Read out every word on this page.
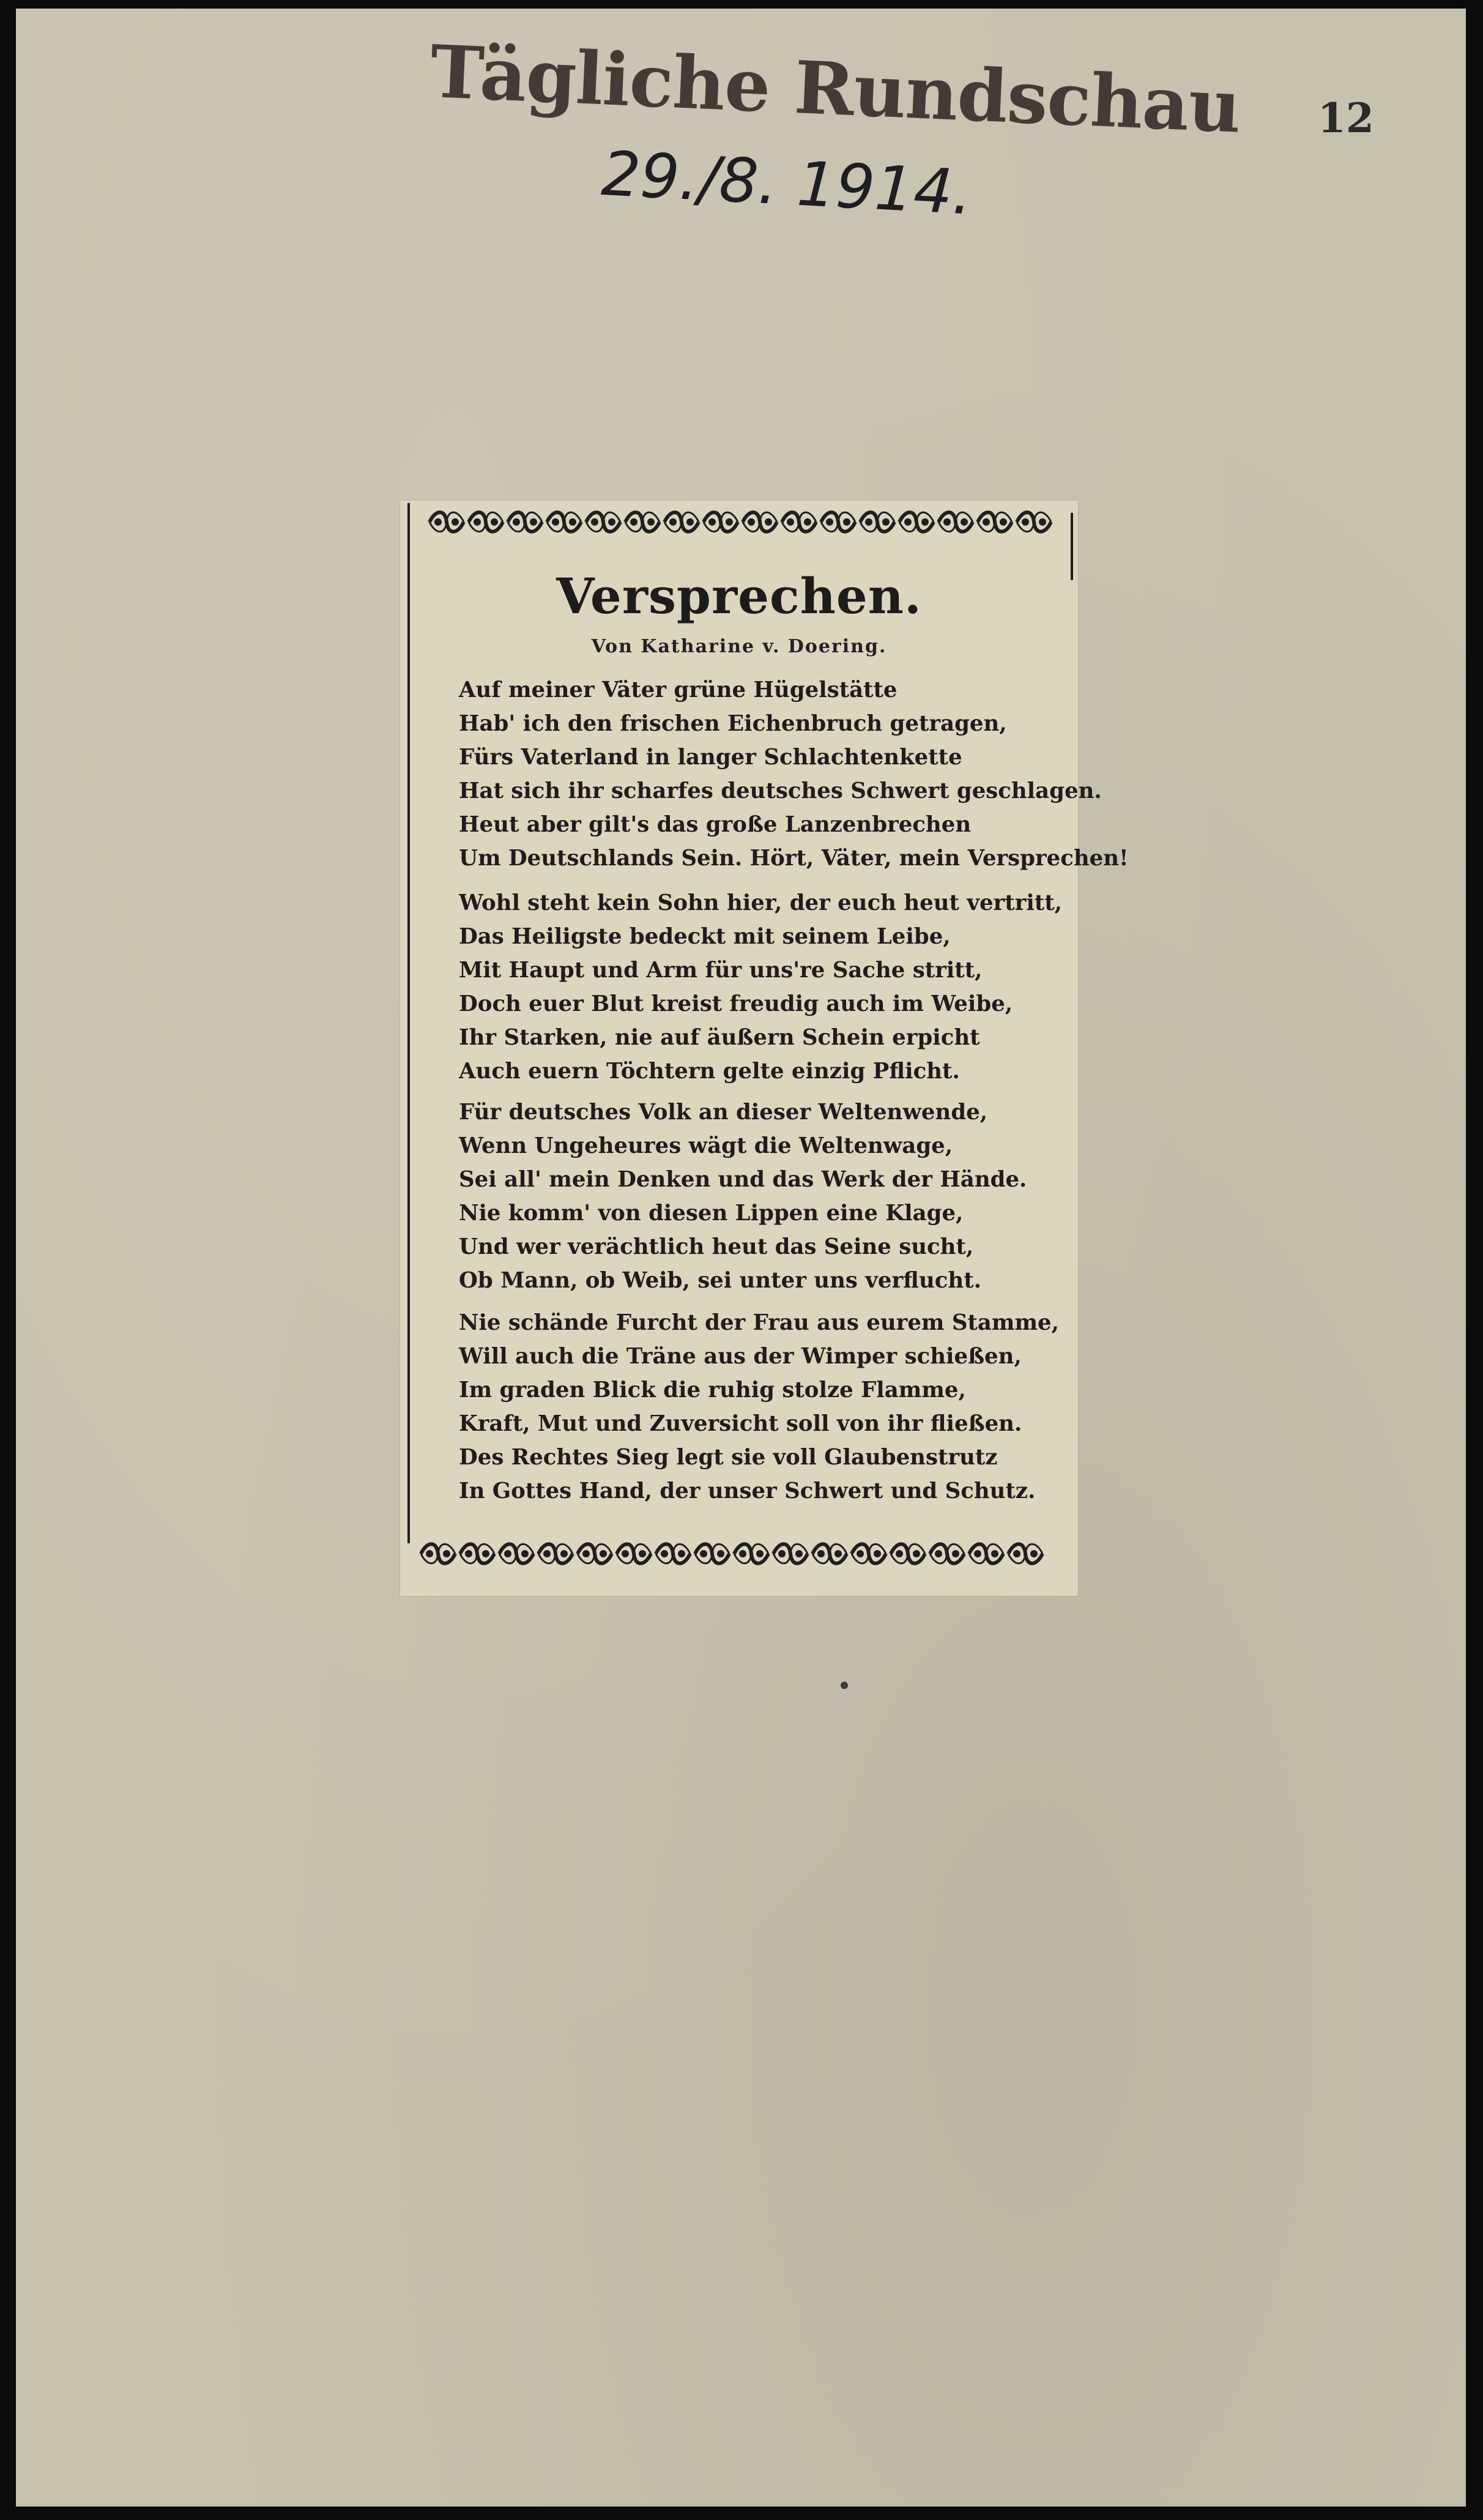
Tägliche Rundschau
29./8. 1914.
12
Versprechen.
Von Katharine v. Doering.
Auf meiner Väter grüne Hügelstätte
Hab' ich den frischen Eichenbruch getragen,
Fürs Vaterland in langer Schlachtenkette
Hat sich ihr scharfes deutsches Schwert geschlagen.
Heut aber gilt's das große Lanzenbrechen
Um Deutschlands Sein. Hört, Väter, mein Versprechen!
Wohl steht kein Sohn hier, der euch heut vertritt,
Das Heiligste bedeckt mit seinem Leibe,
Mit Haupt und Arm für uns're Sache stritt,
Doch euer Blut kreist freudig auch im Weibe,
Ihr Starken, nie auf äußern Schein erpicht
Auch euern Töchtern gelte einzig Pflicht.
Für deutsches Volk an dieser Weltenwende,
Wenn Ungeheures wägt die Weltenwage,
Sei all' mein Denken und das Werk der Hände.
Nie komm' von diesen Lippen eine Klage,
Und wer verächtlich heut das Seine sucht,
Ob Mann, ob Weib, sei unter uns verflucht.
Nie schände Furcht der Frau aus eurem Stamme,
Will auch die Träne aus der Wimper schießen,
Im graden Blick die ruhig stolze Flamme,
Kraft, Mut und Zuversicht soll von ihr fließen.
Des Rechtes Sieg legt sie voll Glaubenstrutz
In Gottes Hand, der unser Schwert und Schutz.
